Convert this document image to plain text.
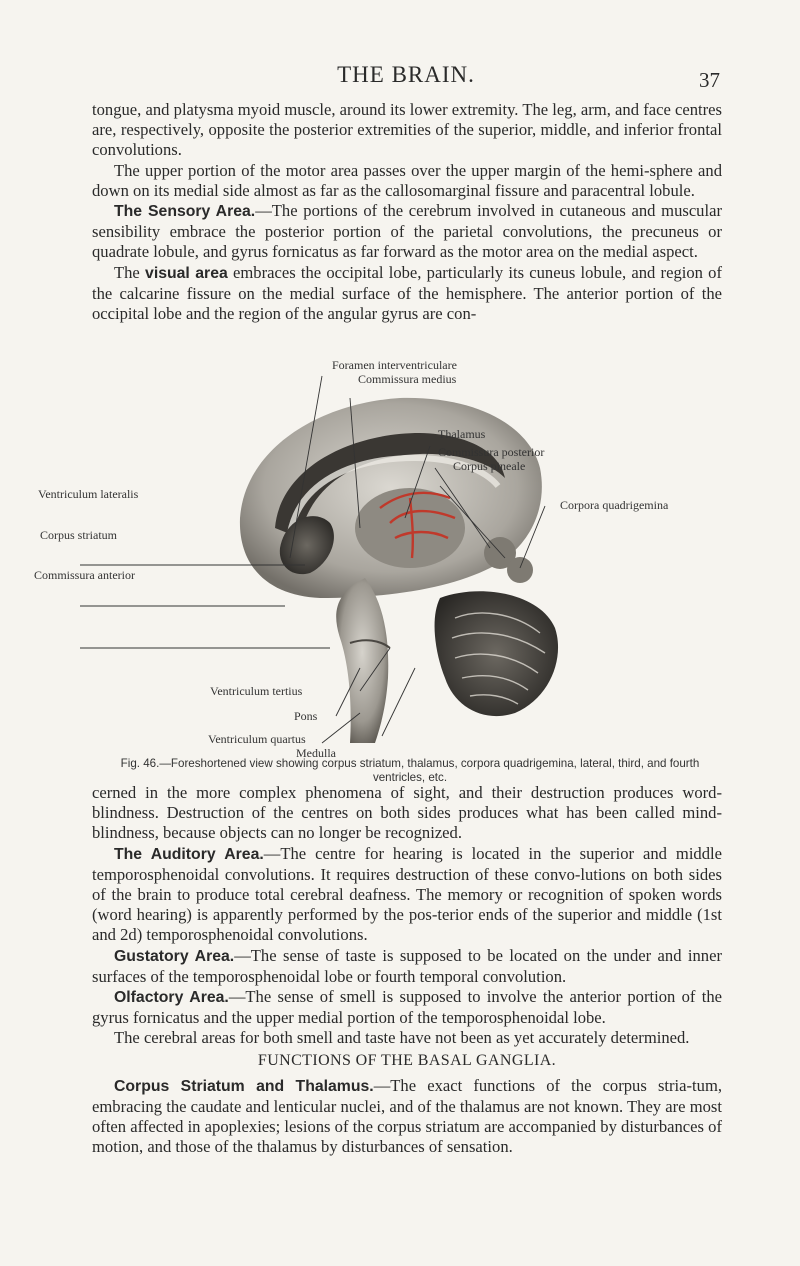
THE BRAIN.	37

tongue, and platysma myoid muscle, around its lower extremity. The leg, arm, and face centres are, respectively, opposite the posterior extremities of the superior, middle, and inferior frontal convolutions.

The upper portion of the motor area passes over the upper margin of the hemi-sphere and down on its medial side almost as far as the callosomarginal fissure and paracentral lobule.

The Sensory Area.—The portions of the cerebrum involved in cutaneous and muscular sensibility embrace the posterior portion of the parietal convolutions, the precuneus or quadrate lobule, and gyrus fornicatus as far forward as the motor area on the medial aspect.

The visual area embraces the occipital lobe, particularly its cuneus lobule, and region of the calcarine fissure on the medial surface of the hemisphere. The anterior portion of the occipital lobe and the region of the angular gyrus are con-

Foramen interventriculare
Commissura medius
Thalamus
Commissura posterior
Corpus pineale
Ventriculum lateralis
Corpora quadrigemina
Corpus striatum
Commissura anterior
Ventriculum tertius
Pons
Ventriculum quartus
Medulla
Fig. 46.—Foreshortened view showing corpus striatum, thalamus, corpora quadrigemina, lateral, third, and fourth ventricles, etc.

cerned in the more complex phenomena of sight, and their destruction produces word-blindness. Destruction of the centres on both sides produces what has been called mind-blindness, because objects can no longer be recognized.

The Auditory Area.—The centre for hearing is located in the superior and middle temporosphenoidal convolutions. It requires destruction of these convo-lutions on both sides of the brain to produce total cerebral deafness. The memory or recognition of spoken words (word hearing) is apparently performed by the pos-terior ends of the superior and middle (1st and 2d) temporosphenoidal convolutions.

Gustatory Area.—The sense of taste is supposed to be located on the under and inner surfaces of the temporosphenoidal lobe or fourth temporal convolution.

Olfactory Area.—The sense of smell is supposed to involve the anterior portion of the gyrus fornicatus and the upper medial portion of the temporosphenoidal lobe.

The cerebral areas for both smell and taste have not been as yet accurately determined.

FUNCTIONS OF THE BASAL GANGLIA.

Corpus Striatum and Thalamus.—The exact functions of the corpus stria-tum, embracing the caudate and lenticular nuclei, and of the thalamus are not known. They are most often affected in apoplexies; lesions of the corpus striatum are accompanied by disturbances of motion, and those of the thalamus by disturbances of sensation.
